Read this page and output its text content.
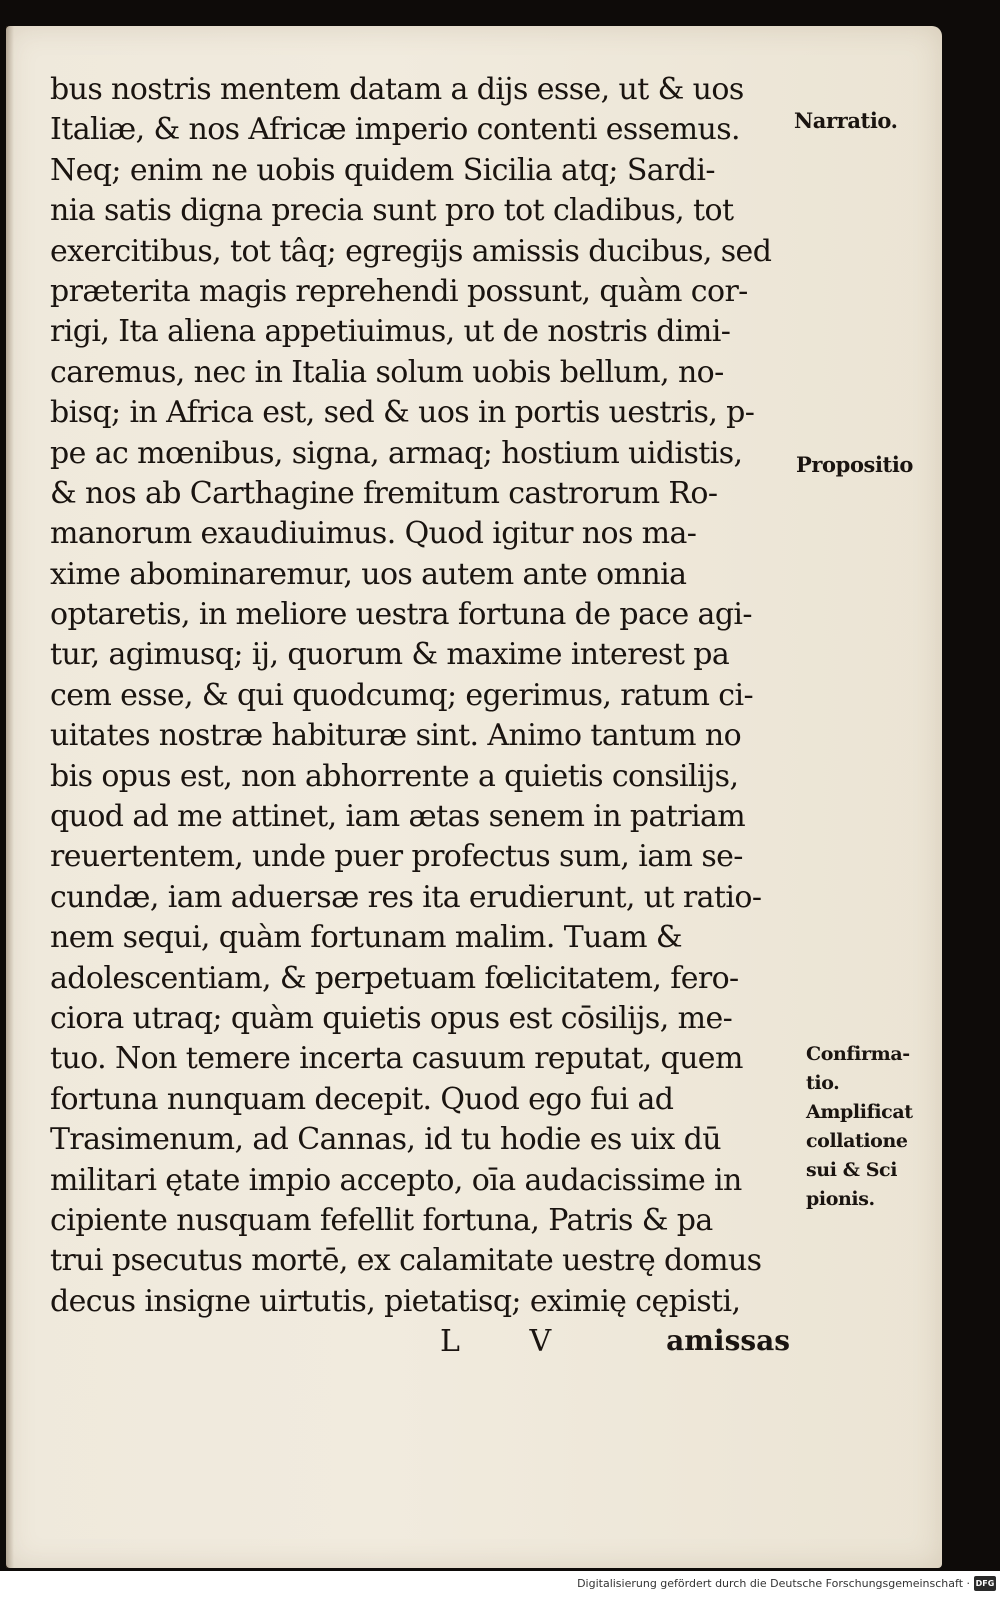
bus nostris mentem datam a dijs esse, ut & uos
Italiæ, & nos Africæ imperio contenti essemus.
Neq; enim ne uobis quidem Sicilia atq; Sardi-
nia satis digna precia sunt pro tot cladibus, tot
exercitibus, tot tâq; egregijs amissis ducibus, sed
præterita magis reprehendi possunt, quàm cor-
rigi, Ita aliena appetiuimus, ut de nostris dimi-
caremus, nec in Italia solum uobis bellum, no-
bisq; in Africa est, sed & uos in portis uestris, p-
pe ac mœnibus, signa, armaq; hostium uidistis,
& nos ab Carthagine fremitum castrorum Ro-
manorum exaudiuimus. Quod igitur nos ma-
xime abominaremur, uos autem ante omnia
optaretis, in meliore uestra fortuna de pace agi-
tur, agimusq; ij, quorum & maxime interest pa
cem esse, & qui quodcumq; egerimus, ratum ci-
uitates nostræ habituræ sint. Animo tantum no
bis opus est, non abhorrente a quietis consilijs,
quod ad me attinet, iam ætas senem in patriam
reuertentem, unde puer profectus sum, iam se-
cundæ, iam aduersæ res ita erudierunt, ut ratio-
nem sequi, quàm fortunam malim. Tuam &
adolescentiam, & perpetuam fœlicitatem, fero-
ciora utraq; quàm quietis opus est cōsilijs, me-
tuo. Non temere incerta casuum reputat, quem
fortuna nunquam decepit. Quod ego fui ad
Trasimenum, ad Cannas, id tu hodie es uix dū
militari ętate impio accepto, oīa audacissime in
cipiente nusquam fefellit fortuna, Patris & pa
trui psecutus mortē, ex calamitate uestrę domus
decus insigne uirtutis, pietatisq; eximię cępisti,
L V	amissas
Narratio.
Propositio
Confirma-
tio.
Amplificat
collatione
sui & Sci
pionis.
Digitalisierung gefördert durch die Deutsche Forschungsgemeinschaft · DFG
